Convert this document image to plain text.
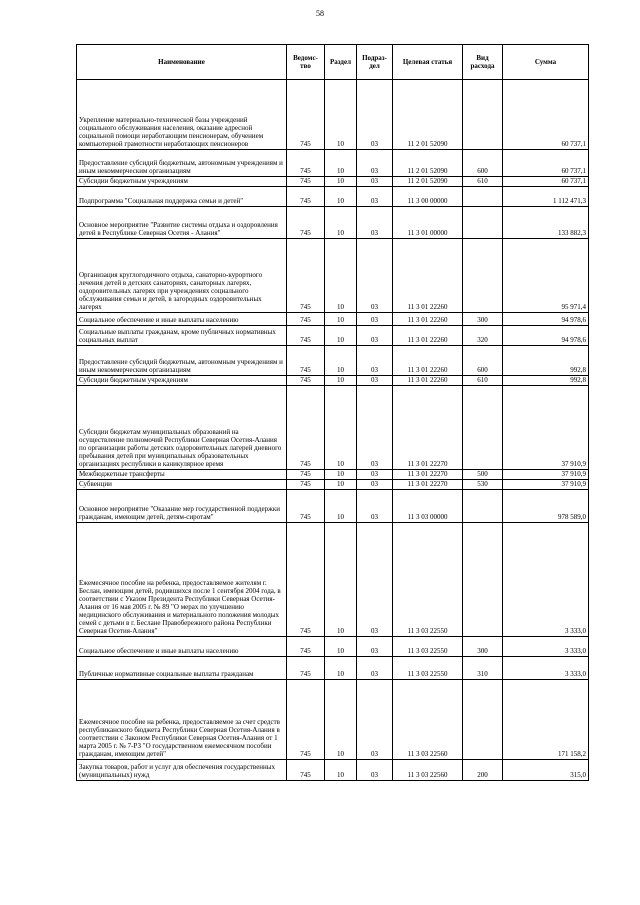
58
Наименование	Ведомс-тво	Раздел	Подраз-дел	Целевая статья	Вид расхода	Сумма
Укрепление материально-технической базы учреждений социального обслуживания населения, оказание адресной социальной помощи неработающим пенсионерам, обучением компьютерной грамотности неработающих пенсионеров	745	10	03	11 2 01 52090		60 737,1
Предоставление субсидий бюджетным, автономным учреждениям и иным некоммерческим организациям	745	10	03	11 2 01 52090	600	60 737,1
Субсидии бюджетным учреждениям	745	10	03	11 2 01 52090	610	60 737,1
Подпрограмма "Социальная поддержка семьи и детей"	745	10	03	11 3 00 00000		1 112 471,3
Основное мероприятие "Развитие системы отдыха и оздоровления детей в Республике Северная Осетия - Алания"	745	10	03	11 3 01 00000		133 882,3
Организация круглогодичного отдыха, санаторно-курортного лечения детей в детских санаториях, санаторных лагерях, оздоровительных лагерях при учреждениях социального обслуживания семьи и детей, в загородных оздоровительных лагерях	745	10	03	11 3 01 22260		95 971,4
Социальное обеспечение и иные выплаты населению	745	10	03	11 3 01 22260	300	94 978,6
Социальные выплаты гражданам, кроме публичных нормативных социальных выплат	745	10	03	11 3 01 22260	320	94 978,6
Предоставление субсидий бюджетным, автономным учреждениям и иным некоммерческим организациям	745	10	03	11 3 01 22260	600	992,8
Субсидии бюджетным учреждениям	745	10	03	11 3 01 22260	610	992,8
Субсидии бюджетам муниципальных образований на осуществление полномочий Республики Северная Осетия-Алания по организации работы детских оздоровительных лагерей дневного пребывания детей при муниципальных образовательных организациях республики в каникулярное время	745	10	03	11 3 01 22270		37 910,9
Межбюджетные трансферты	745	10	03	11 3 01 22270	500	37 910,9
Субвенции	745	10	03	11 3 01 22270	530	37 910,9
Основное мероприятие "Оказание мер государственной поддержки гражданам, имеющим детей, детям-сиротам"	745	10	03	11 3 03 00000		978 589,0
Ежемесячное пособие на ребенка, предоставляемое жителям г. Беслан, имеющим детей, родившихся после 1 сентября 2004 года, в соответствии с Указом Президента Республики Северная Осетия- Алания от 16 мая 2005 г. № 89 "О мерах по улучшению медицинского обслуживания и материального положения молодых семей с детьми в г. Беслане Правобережного района Республики Северная Осетия-Алания"	745	10	03	11 3 03 22550		3 333,0
Социальное обеспечение и иные выплаты населению	745	10	03	11 3 03 22550	300	3 333,0
Публичные нормативные социальные выплаты гражданам	745	10	03	11 3 03 22550	310	3 333,0
Ежемесячное пособие на ребенка, предоставляемое за счет средств республиканского бюджета Республики Северная Осетия-Алания в соответствии с Законом Республики Северная Осетия-Алания от 1 марта 2005 г. № 7-РЗ "О государственном ежемесячном пособии гражданам, имеющим детей"	745	10	03	11 3 03 22560		171 158,2
Закупка товаров, работ и услуг для обеспечения государственных (муниципальных) нужд	745	10	03	11 3 03 22560	200	315,0
